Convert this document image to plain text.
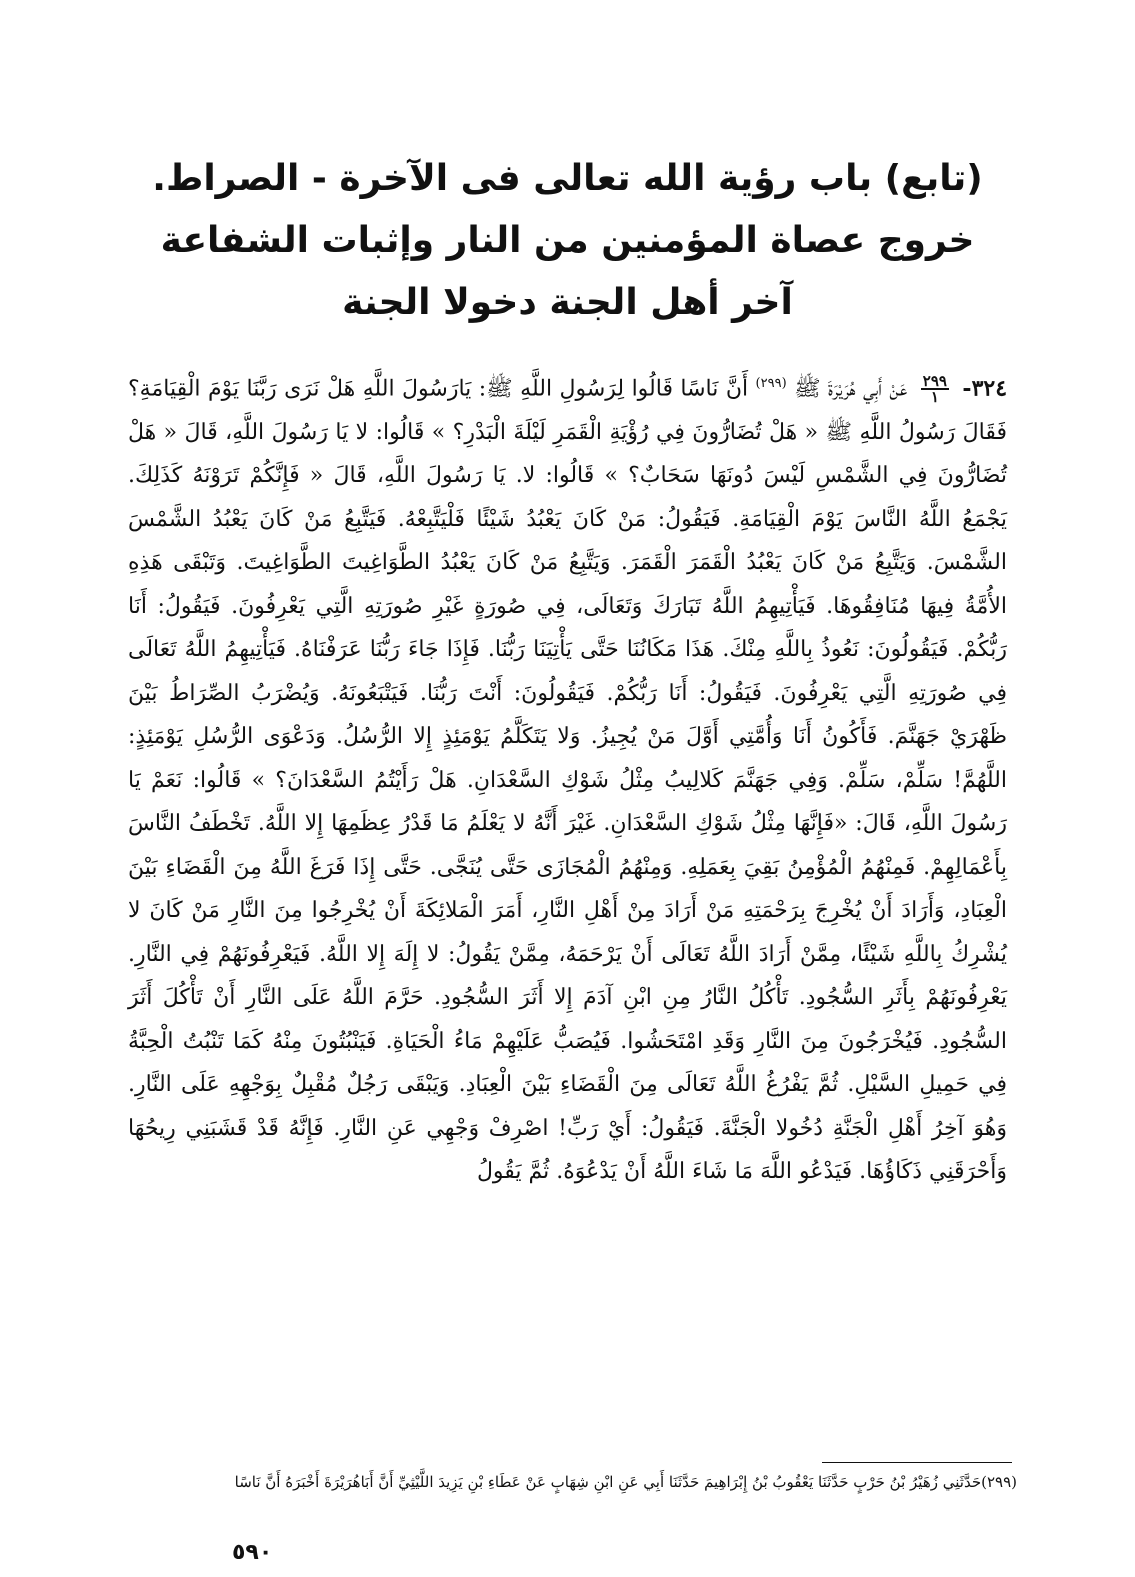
(تابع) باب رؤية الله تعالى فى الآخرة - الصراط.

خروج عصاة المؤمنين من النار وإثبات الشفاعة

آخر أهل الجنة دخولا الجنة

٣٢٤-
$\frac{٢٩٩}{١}$
عَنْ أَبِي هُرَيْرَةَ ﷺ $^{(٢٩٩)}$ أَنَّ نَاسًا قَالُوا لِرَسُولِ اللَّهِ ﷺ: يَارَسُولَ اللَّهِ هَلْ نَرَى رَبَّنَا يَوْمَ الْقِيَامَةِ؟ فَقَالَ رَسُولُ اللَّهِ ﷺ « هَلْ تُضَارُّونَ فِي رُؤْيَةِ الْقَمَرِ لَيْلَةَ الْبَدْرِ؟ » قَالُوا: لا يَا رَسُولَ اللَّهِ، قَالَ « هَلْ تُضَارُّونَ فِي الشَّمْسِ لَيْسَ دُونَهَا سَحَابٌ؟ » قَالُوا: لا. يَا رَسُولَ اللَّهِ، قَالَ « فَإِنَّكُمْ تَرَوْنَهُ كَذَلِكَ. يَجْمَعُ اللَّهُ النَّاسَ يَوْمَ الْقِيَامَةِ. فَيَقُولُ: مَنْ كَانَ يَعْبُدُ شَيْئًا فَلْيَتَّبِعْهُ. فَيَتَّبِعُ مَنْ كَانَ يَعْبُدُ الشَّمْسَ الشَّمْسَ. وَيَتَّبِعُ مَنْ كَانَ يَعْبُدُ الْقَمَرَ الْقَمَرَ. وَيَتَّبِعُ مَنْ كَانَ يَعْبُدُ الطَّوَاغِيتَ الطَّوَاغِيتَ. وَتَبْقَى هَذِهِ الأُمَّةُ فِيهَا مُنَافِقُوهَا. فَيَأْتِيهِمُ اللَّهُ تَبَارَكَ وَتَعَالَى، فِي صُورَةٍ غَيْرِ صُورَتِهِ الَّتِي يَعْرِفُونَ. فَيَقُولُ: أَنَا رَبُّكُمْ. فَيَقُولُونَ: نَعُوذُ بِاللَّهِ مِنْكَ. هَذَا مَكَانُنَا حَتَّى يَأْتِيَنَا رَبُّنَا. فَإِذَا جَاءَ رَبُّنَا عَرَفْنَاهُ. فَيَأْتِيهِمُ اللَّهُ تَعَالَى فِي صُورَتِهِ الَّتِي يَعْرِفُونَ. فَيَقُولُ: أَنَا رَبُّكُمْ. فَيَقُولُونَ: أَنْتَ رَبُّنَا. فَيَتْبَعُونَهُ. وَيُضْرَبُ الصِّرَاطُ بَيْنَ ظَهْرَيْ جَهَنَّمَ. فَأَكُونُ أَنَا وَأُمَّتِي أَوَّلَ مَنْ يُجِيزُ. وَلا يَتَكَلَّمُ يَوْمَئِذٍ إِلا الرُّسُلُ. وَدَعْوَى الرُّسُلِ يَوْمَئِذٍ: اللَّهُمَّ! سَلِّمْ، سَلِّمْ. وَفِي جَهَنَّمَ كَلالِيبُ مِثْلُ شَوْكِ السَّعْدَانِ. هَلْ رَأَيْتُمُ السَّعْدَانَ؟ » قَالُوا: نَعَمْ يَا رَسُولَ اللَّهِ، قَالَ: «فَإِنَّهَا مِثْلُ شَوْكِ السَّعْدَانِ. غَيْرَ أَنَّهُ لا يَعْلَمُ مَا قَدْرُ عِظَمِهَا إِلا اللَّهُ. تَخْطَفُ النَّاسَ بِأَعْمَالِهِمْ. فَمِنْهُمُ الْمُؤْمِنُ بَقِيَ بِعَمَلِهِ. وَمِنْهُمُ الْمُجَازَى حَتَّى يُنَجَّى. حَتَّى إِذَا فَرَغَ اللَّهُ مِنَ الْقَضَاءِ بَيْنَ الْعِبَادِ، وَأَرَادَ أَنْ يُخْرِجَ بِرَحْمَتِهِ مَنْ أَرَادَ مِنْ أَهْلِ النَّارِ، أَمَرَ الْمَلائِكَةَ أَنْ يُخْرِجُوا مِنَ النَّارِ مَنْ كَانَ لا يُشْرِكُ بِاللَّهِ شَيْئًا، مِمَّنْ أَرَادَ اللَّهُ تَعَالَى أَنْ يَرْحَمَهُ، مِمَّنْ يَقُولُ: لا إِلَهَ إِلا اللَّهُ. فَيَعْرِفُونَهُمْ فِي النَّارِ. يَعْرِفُونَهُمْ بِأَثَرِ السُّجُودِ. تَأْكُلُ النَّارُ مِنِ ابْنِ آدَمَ إِلا أَثَرَ السُّجُودِ. حَرَّمَ اللَّهُ عَلَى النَّارِ أَنْ تَأْكُلَ أَثَرَ السُّجُودِ. فَيُخْرَجُونَ مِنَ النَّارِ وَقَدِ امْتَحَشُوا. فَيُصَبُّ عَلَيْهِمْ مَاءُ الْحَيَاةِ. فَيَنْبُتُونَ مِنْهُ كَمَا تَنْبُتُ الْحِبَّةُ فِي حَمِيلِ السَّيْلِ. ثُمَّ يَفْرُغُ اللَّهُ تَعَالَى مِنَ الْقَضَاءِ بَيْنَ الْعِبَادِ. وَيَبْقَى رَجُلٌ مُقْبِلٌ بِوَجْهِهِ عَلَى النَّارِ. وَهُوَ آخِرُ أَهْلِ الْجَنَّةِ دُخُولا الْجَنَّةَ. فَيَقُولُ: أَيْ رَبِّ! اصْرِفْ وَجْهِي عَنِ النَّارِ. فَإِنَّهُ قَدْ قَشَبَنِي رِيحُهَا وَأَحْرَقَنِي ذَكَاؤُهَا. فَيَدْعُو اللَّهَ مَا شَاءَ اللَّهُ أَنْ يَدْعُوَهُ. ثُمَّ يَقُولُ

(٢٩٩)حَدَّثَنِي زُهَيْرُ بْنُ حَرْبٍ حَدَّثَنَا يَعْقُوبُ بْنُ إِبْرَاهِيمَ حَدَّثَنَا أَبِي عَنِ ابْنِ شِهَابٍ عَنْ عَطَاءِ بْنِ يَزِيدَ اللَّيْثِيِّ أَنَّ أَبَاهُرَيْرَةَ أَخْبَرَهُ أَنَّ نَاسًا

٥٩٠
